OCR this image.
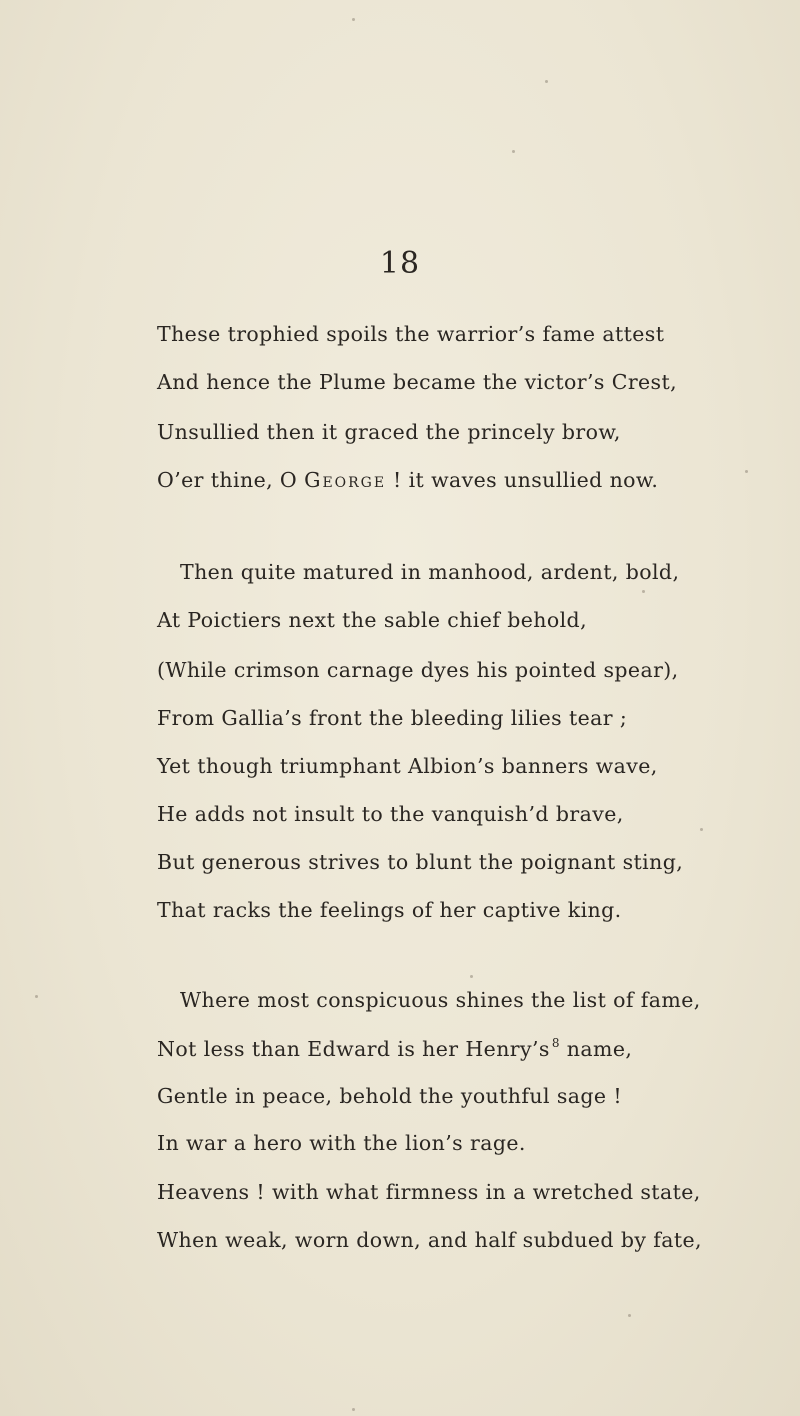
18
These trophied spoils the warrior’s fame attest
And hence the Plume became the victor’s Crest,
Unsullied then it graced the princely brow,
O’er thine, O George ! it waves unsullied now.
Then quite matured in manhood, ardent, bold,
At Poictiers next the sable chief behold,
(While crimson carnage dyes his pointed spear),
From Gallia’s front the bleeding lilies tear ;
Yet though triumphant Albion’s banners wave,
He adds not insult to the vanquish’d brave,
But generous strives to blunt the poignant sting,
That racks the feelings of her captive king.
Where most conspicuous shines the list of fame,
Not less than Edward is her Henry’s $^8$ name,
Gentle in peace, behold the youthful sage !
In war a hero with the lion’s rage.
Heavens ! with what firmness in a wretched state,
When weak, worn down, and half subdued by fate,
